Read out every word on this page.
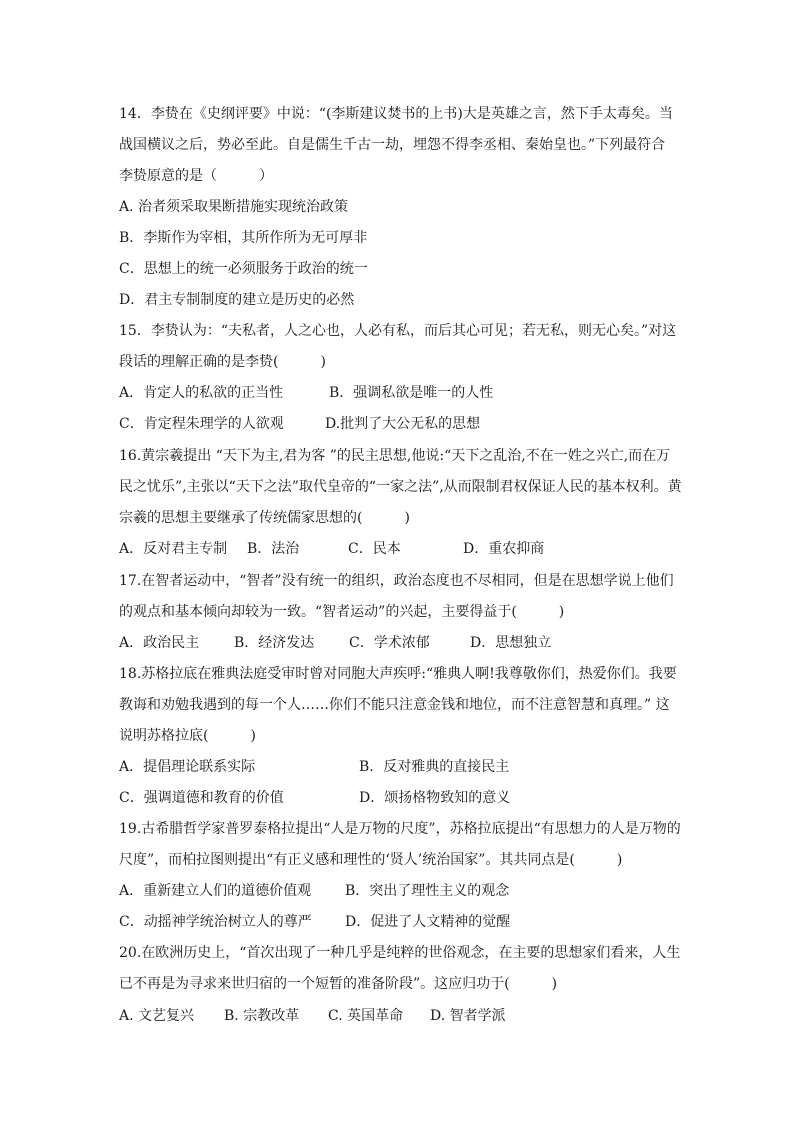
14．李贽在《史纲评要》中说：“(李斯建议焚书的上书)大是英雄之言，然下手太毒矣。当
战国横议之后，势必至此。自是儒生千古一劫，埋怨不得李丞相、秦始皇也。”下列最符合
李贽原意的是（　　　）
A. 治者须采取果断措施实现统治政策
B．李斯作为宰相，其所作所为无可厚非
C．思想上的统一必须服务于政治的统一
D．君主专制制度的建立是历史的必然
15．李贽认为：“夫私者，人之心也，人必有私，而后其心可见；若无私，则无心矣。”对这
段话的理解正确的是李贽(　　　)
A．肯定人的私欲的正当性	B．强调私欲是唯一的人性
C．肯定程朱理学的人欲观	D.批判了大公无私的思想
16.黄宗羲提出 “天下为主,君为客 ”的民主思想,他说:“天下之乱治,不在一姓之兴亡,而在万
民之忧乐”,主张以“天下之法”取代皇帝的“一家之法”,从而限制君权保证人民的基本权利。黄
宗羲的思想主要继承了传统儒家思想的(　　　)
A．反对君主专制 B．法治	C．民本	D．重农抑商
17.在智者运动中，“智者”没有统一的组织，政治态度也不尽相同，但是在思想学说上他们
的观点和基本倾向却较为一致。“智者运动”的兴起，主要得益于(　　　)
A．政治民主 B．经济发达 C．学术浓郁	D．思想独立
18.苏格拉底在雅典法庭受审时曾对同胞大声疾呼:“雅典人啊!我尊敬你们，热爱你们。我要
教诲和劝勉我遇到的每一个人……你们不能只注意金钱和地位，而不注意智慧和真理。” 这
说明苏格拉底(　　　)
A．提倡理论联系实际	B．反对雅典的直接民主
C．强调道德和教育的价值	D．颂扬格物致知的意义
19.古希腊哲学家普罗泰格拉提出“人是万物的尺度”，苏格拉底提出“有思想力的人是万物的
尺度”，而柏拉图则提出“有正义感和理性的‘贤人’统治国家”。其共同点是(　　　)
A．重新建立人们的道德价值观 B．突出了理性主义的观念
C．动摇神学统治树立人的尊严 D．促进了人文精神的觉醒
20.在欧洲历史上，“首次出现了一种几乎是纯粹的世俗观念，在主要的思想家们看来，人生
已不再是为寻求来世归宿的一个短暂的准备阶段”。这应归功于(　　　)
A. 文艺复兴 B. 宗教改革 C. 英国革命 D. 智者学派
